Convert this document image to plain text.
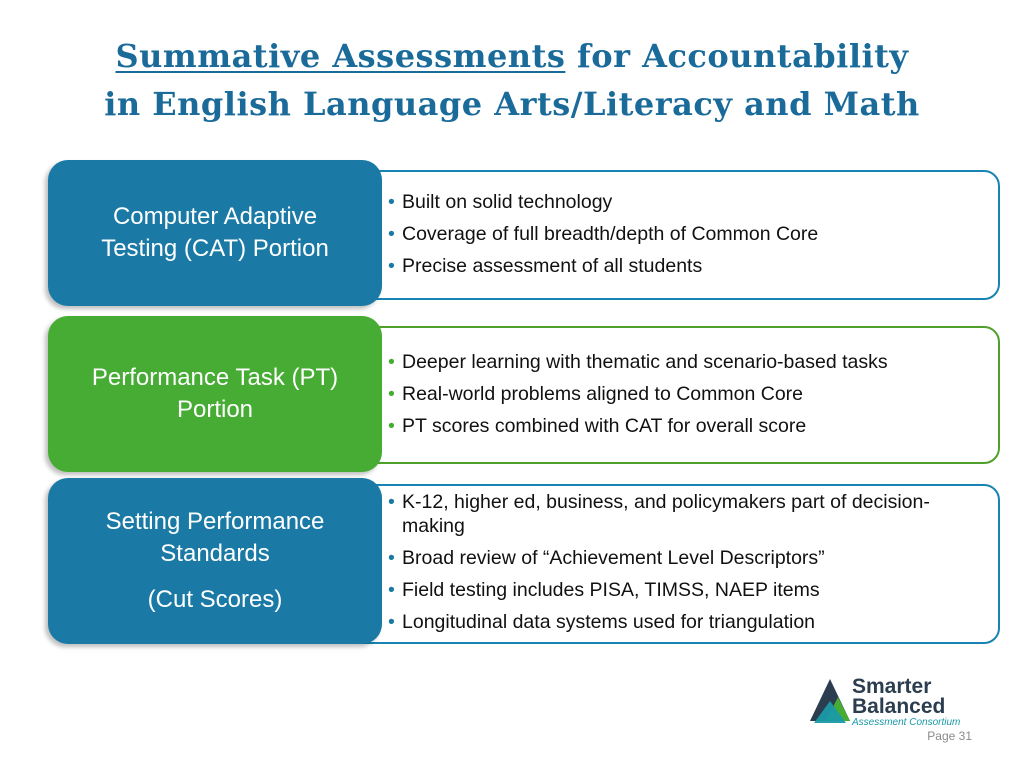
Summative Assessments for Accountability
in English Language Arts/Literacy and Math
• Built on solid technology
• Coverage of full breadth/depth of Common Core
• Precise assessment of all students
Computer Adaptive
Testing (CAT) Portion
• Deeper learning with thematic and scenario-based tasks
• Real-world problems aligned to Common Core
• PT scores combined with CAT for overall score
Performance Task (PT)
Portion
• K-12, higher ed, business, and policymakers part of decision-making
• Broad review of “Achievement Level Descriptors”
• Field testing includes PISA, TIMSS, NAEP items
• Longitudinal data systems used for triangulation
Setting Performance
Standards
(Cut Scores)
Smarter
Balanced
Assessment Consortium
Page 31
